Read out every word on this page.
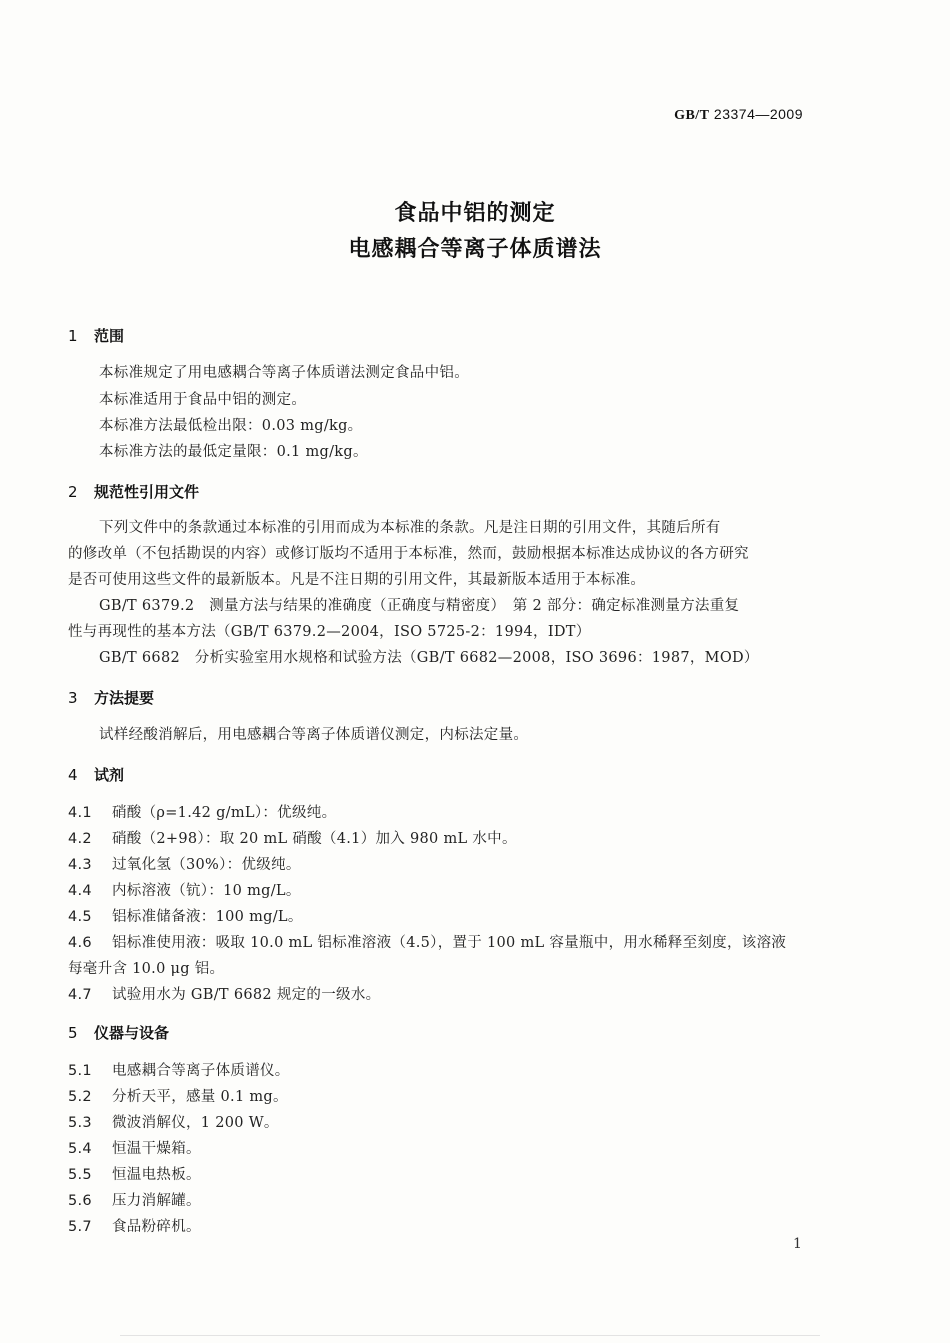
GB/T 23374—2009
食品中铝的测定
电感耦合等离子体质谱法
1 范围
本标准规定了用电感耦合等离子体质谱法测定食品中铝。
本标准适用于食品中铝的测定。
本标准方法最低检出限：0.03 mg/kg。
本标准方法的最低定量限：0.1 mg/kg。
2 规范性引用文件
下列文件中的条款通过本标准的引用而成为本标准的条款。凡是注日期的引用文件，其随后所有
的修改单（不包括勘误的内容）或修订版均不适用于本标准，然而，鼓励根据本标准达成协议的各方研究
是否可使用这些文件的最新版本。凡是不注日期的引用文件，其最新版本适用于本标准。
GB/T 6379.2　测量方法与结果的准确度（正确度与精密度）　第 2 部分：确定标准测量方法重复
性与再现性的基本方法（GB/T 6379.2—2004，ISO 5725-2：1994，IDT）
GB/T 6682　分析实验室用水规格和试验方法（GB/T 6682—2008，ISO 3696：1987，MOD）
3 方法提要
试样经酸消解后，用电感耦合等离子体质谱仪测定，内标法定量。
4 试剂
4.1 硝酸（ρ=1.42 g/mL）：优级纯。
4.2 硝酸（2+98）：取 20 mL 硝酸（4.1）加入 980 mL 水中。
4.3 过氧化氢（30%）：优级纯。
4.4 内标溶液（钪）：10 mg/L。
4.5 铝标准储备液：100 mg/L。
4.6 铝标准使用液：吸取 10.0 mL 铝标准溶液（4.5），置于 100 mL 容量瓶中，用水稀释至刻度，该溶液
每毫升含 10.0 μg 铝。
4.7 试验用水为 GB/T 6682 规定的一级水。
5 仪器与设备
5.1 电感耦合等离子体质谱仪。
5.2 分析天平，感量 0.1 mg。
5.3 微波消解仪，1 200 W。
5.4 恒温干燥箱。
5.5 恒温电热板。
5.6 压力消解罐。
5.7 食品粉碎机。
1
